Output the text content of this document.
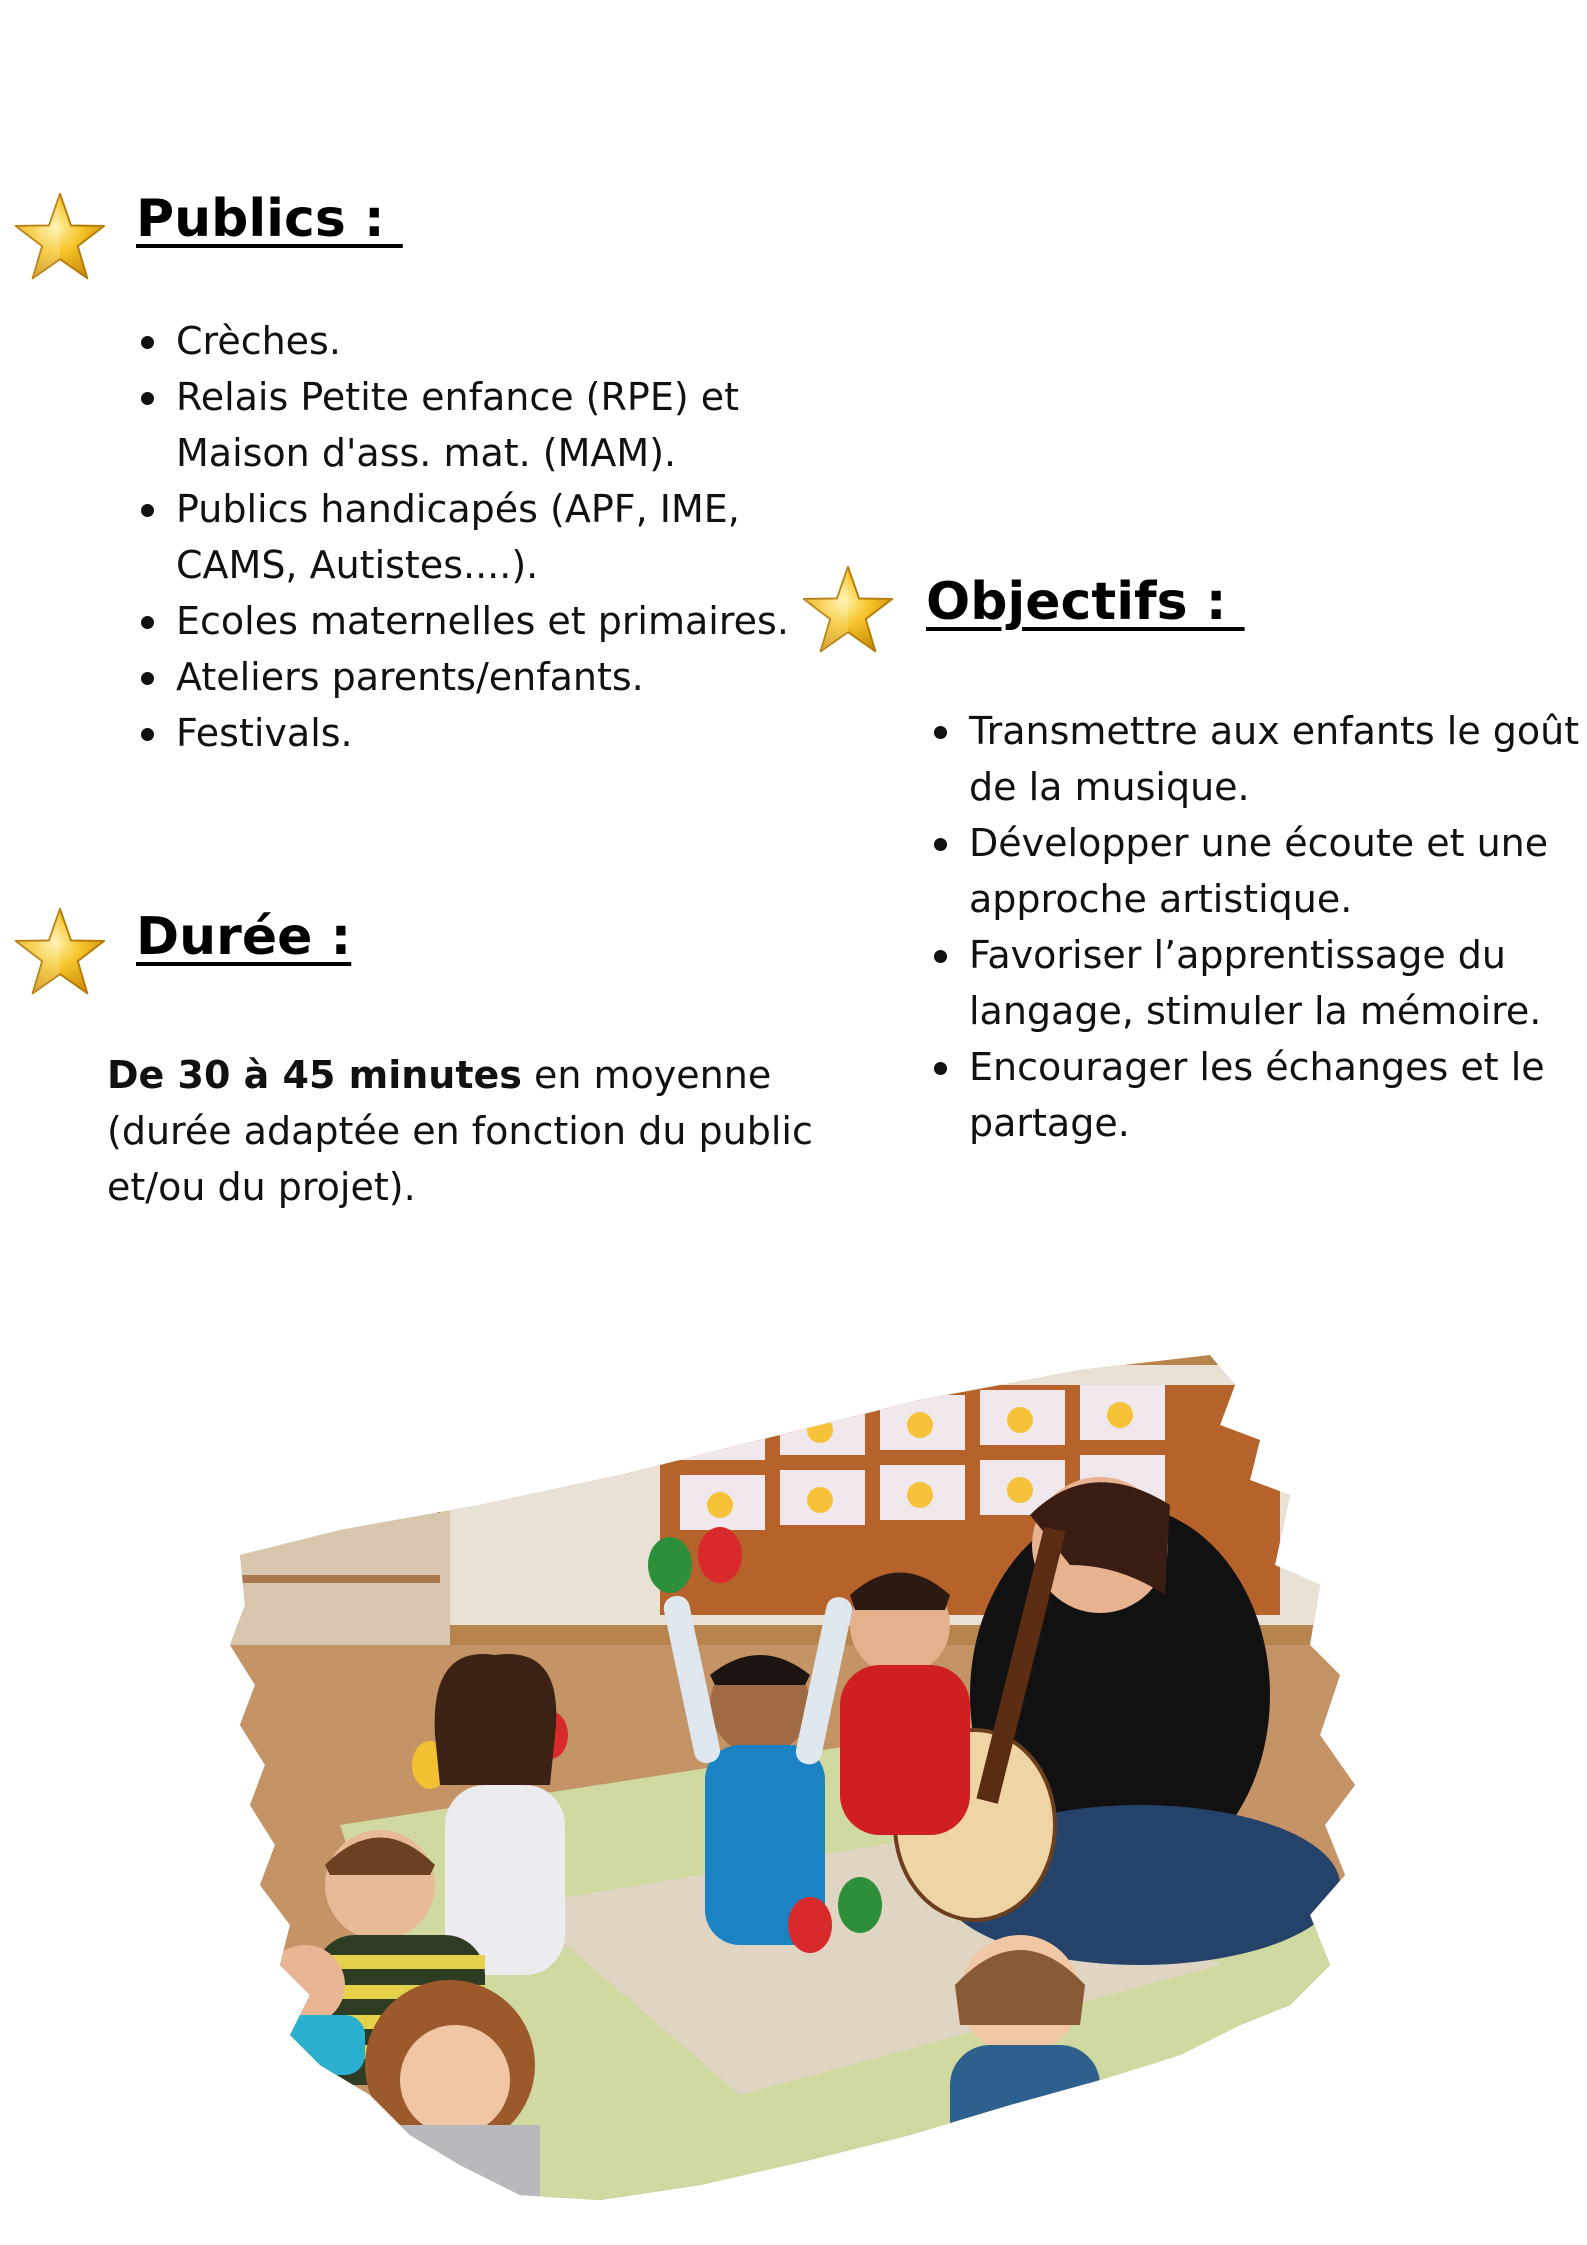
Publics :
Crèches.
Relais Petite enfance (RPE) et Maison d'ass. mat. (MAM).
Publics handicapés (APF, IME, CAMS, Autistes....).
Ecoles maternelles et primaires.
Ateliers parents/enfants.
Festivals.
Objectifs :
Transmettre aux enfants le goût de la musique.
Développer une écoute et une approche artistique.
Favoriser l’apprentissage du langage, stimuler la mémoire.
Encourager les échanges et le partage.
Durée :

De 30 à 45 minutes en moyenne (durée adaptée en fonction du public et/ou du projet).
